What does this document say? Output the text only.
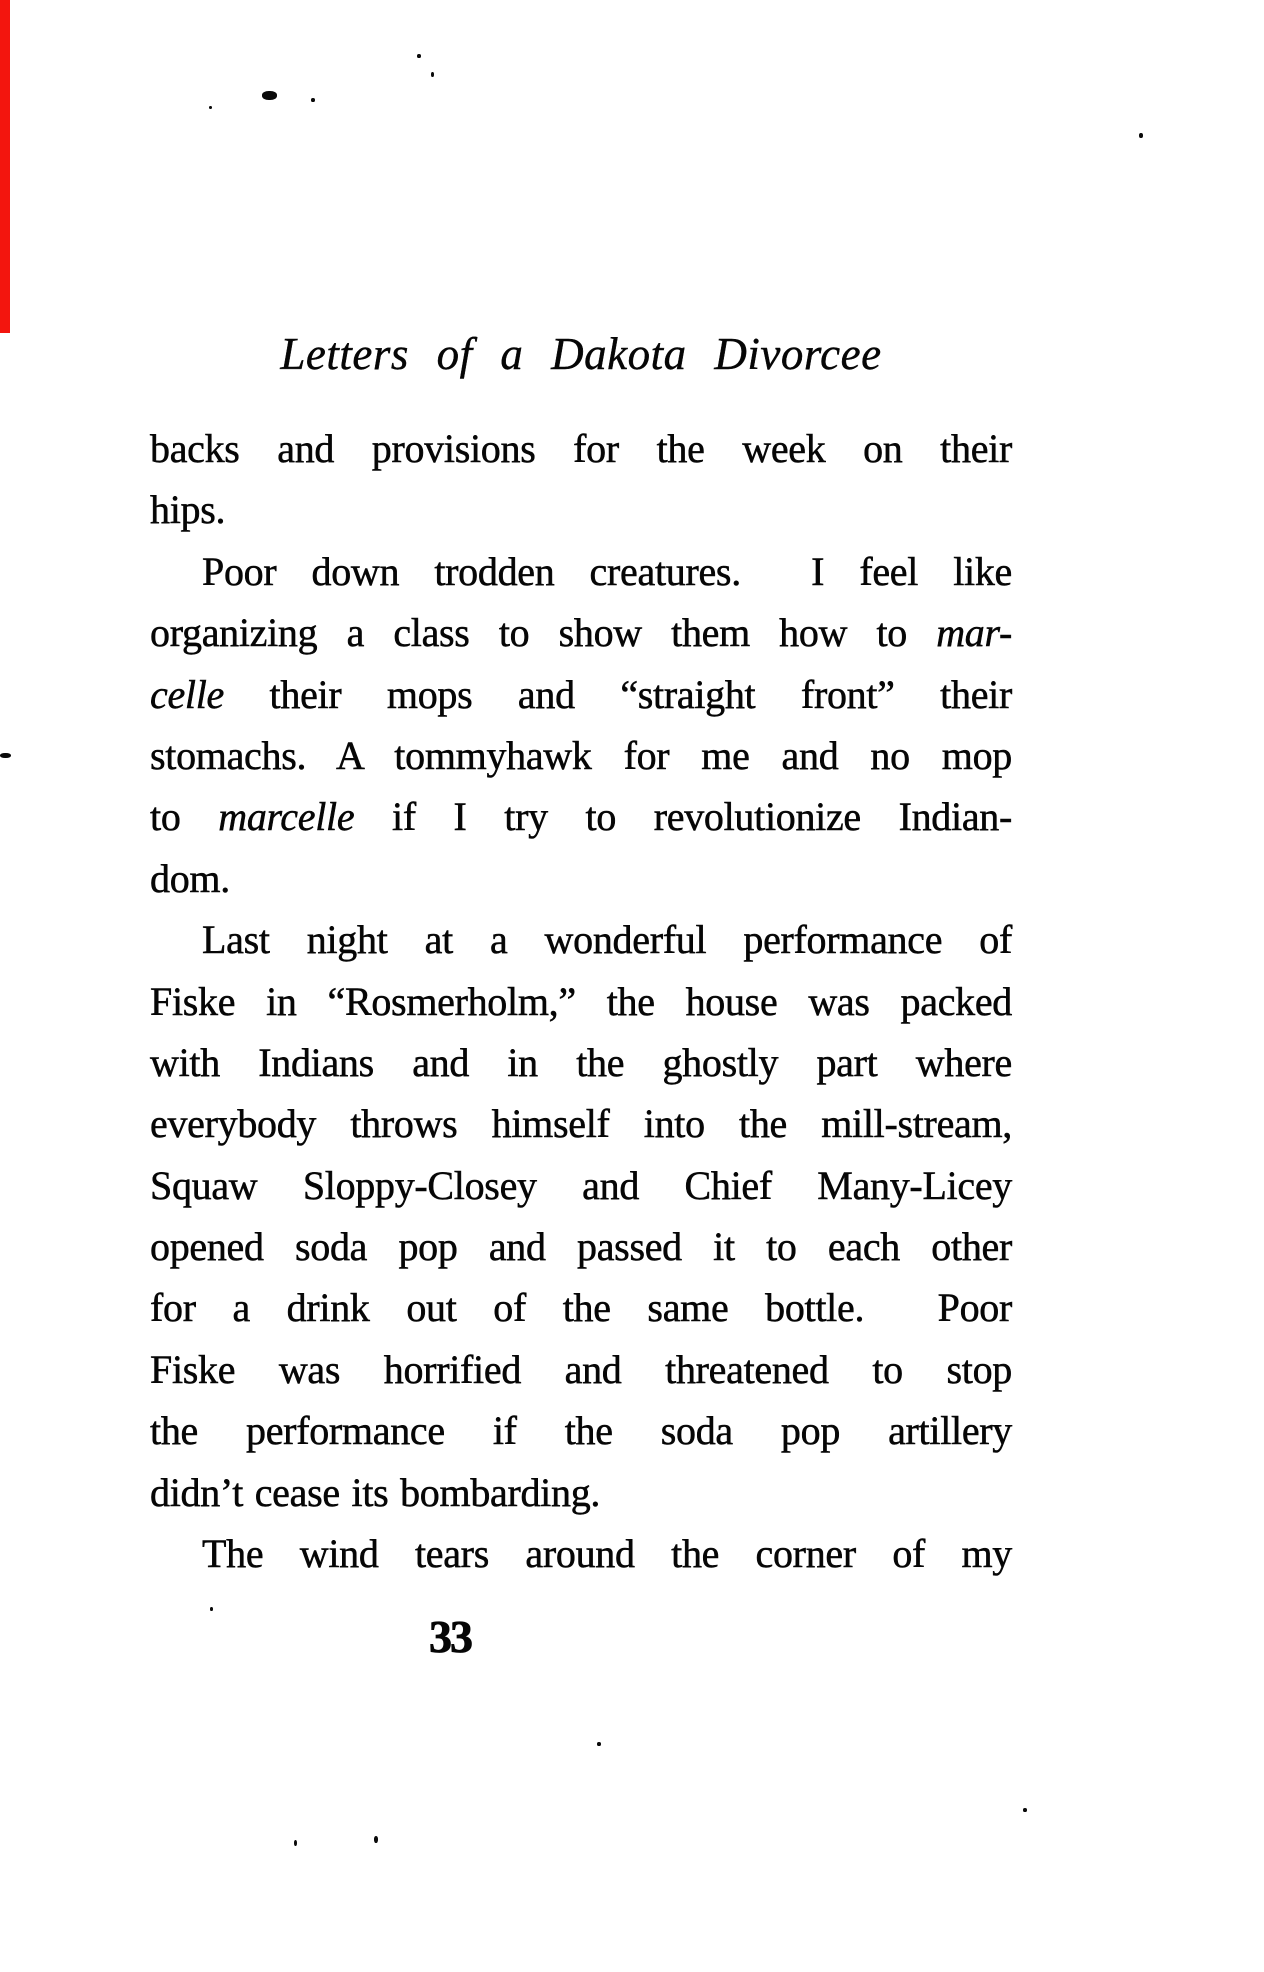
Letters of a Dakota Divorcee
backs and provisions for the week on their
hips.
Poor down trodden creatures.  I feel like
organizing a class to show them how to mar-
celle their mops and “straight front” their
stomachs. A tommyhawk for me and no mop
to marcelle if I try to revolutionize Indian-
dom.
Last night at a wonderful performance of
Fiske in “Rosmerholm,” the house was packed
with Indians and in the ghostly part where
everybody throws himself into the mill-stream,
Squaw Sloppy-Closey and Chief Many-Licey
opened soda pop and passed it to each other
for a drink out of the same bottle.  Poor
Fiske was horrified and threatened to stop
the performance if the soda pop artillery
didn’t cease its bombarding.
The wind tears around the corner of my
33
